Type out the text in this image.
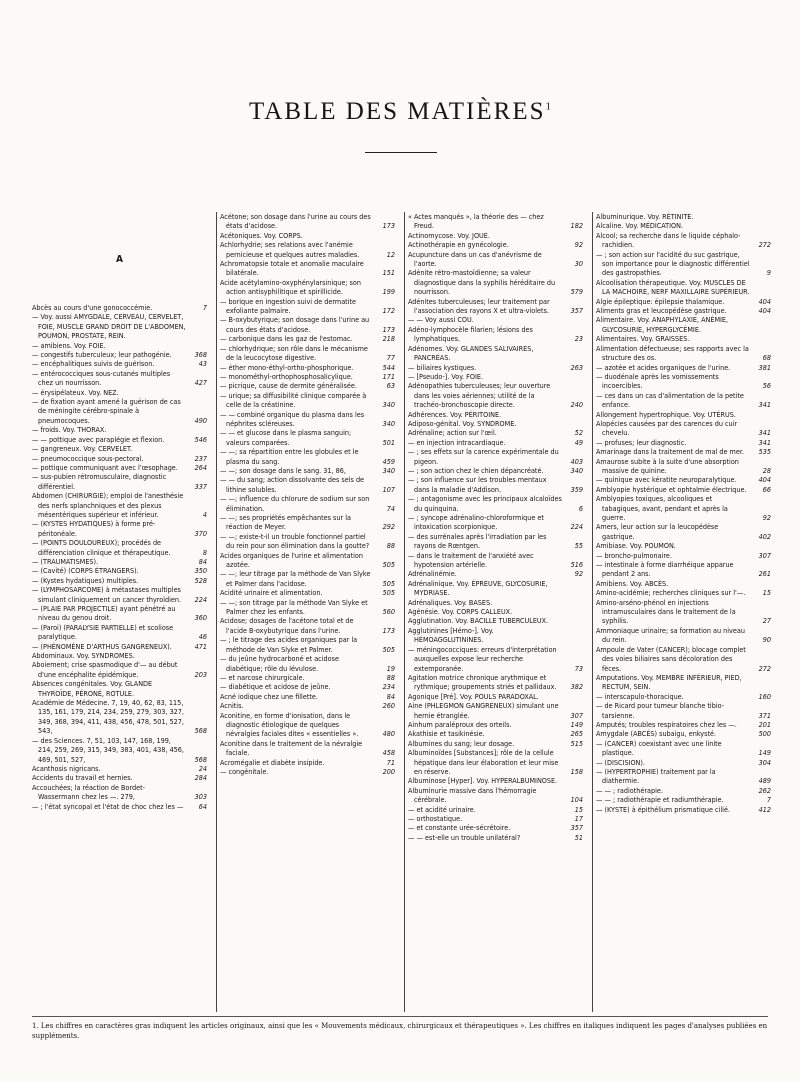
TABLE DES MATIÈRES$^1$
A
Abcès au cours d'une gonococcémie.	7
— Voy. aussi AMYGDALE, CERVEAU, CERVELET, FOIE, MUSCLE GRAND DROIT DE L'ABDOMEN, POUMON, PROSTATE, REIN.
— amibiens. Voy. FOIE.
— congestifs tuberculeux; leur pathogénie.	368
— encéphalitiques suivis de guérison.	43
— entérococciques sous-cutanés multiples chez un nourrisson.	427
— érysipélateux. Voy. NEZ.
— de fixation ayant amené la guérison de cas de méningite cérébro-spinale à pneumocoques.	490
— froids. Voy. THORAX.
— — pottique avec paraplégie et flexion.	546
— gangreneux. Voy. CERVELET.
— pneumococcique sous-pectoral.	237
— pottique communiquant avec l'œsophage.	264
— sus-pubien rétromusculaire, diagnostic différentiel.	337
Abdomen (CHIRURGIE); emploi de l'anesthésie des nerfs splanchniques et des plexus mésentériques supérieur et inférieur.	4
— (KYSTES HYDATIQUES) à forme pré-péritonéale.	370
— (POINTS DOULOUREUX); procédés de différenciation clinique et thérapeutique.	8
— (TRAUMATISMES).	84
— (Cavité) (CORPS ÉTRANGERS).	350
— (Kystes hydatiques) multiples.	528
— (LYMPHOSARCOME) à métastases multiples simulant cliniquement un cancer thyroïdien.	224
— (PLAIE PAR PROJECTILE) ayant pénétré au niveau du genou droit.	360
— (Paroi) (PARALYSIE PARTIELLE) et scoliose paralytique.	46
— (PHÉNOMÈNE D'ARTHUS GANGRENEUX).	471
Abdominaux. Voy. SYNDROMES.
Aboiement; crise spasmodique d'— au début d'une encéphalite épidémique.	203
Absences congénitales. Voy. GLANDE THYROÏDE, PÉRONÉ, ROTULE.
Académie de Médecine. 7, 19, 40, 62, 83, 115, 135, 161, 179, 214, 234, 259, 279, 303, 327, 349, 368, 394, 411, 438, 456, 478, 501, 527, 543,	568
— des Sciences. 7, 51, 103, 147, 168, 199, 214, 259, 269, 315, 349, 383, 401, 438, 456, 469, 501, 527,	568
Acanthosis nigricans.	24
Accidents du travail et hernies.	284
Accouchées; la réaction de Bordet-Wassermann chez les —. 279,	303
— ; l'état syncopal et l'état de choc chez les —	64
Acétone; son dosage dans l'urine au cours des états d'acidose.	173
Acétoniques. Voy. CORPS.
Achlorhydrie; ses relations avec l'anémie pernicieuse et quelques autres maladies.	12
Achromatopsie totale et anomalie maculaire bilatérale.	151
Acide acétylamino-oxyphénylarsinique; son action antisyphilitique et spirillicide.	199
— borique en ingestion suivi de dermatite exfoliante palmaire.	172
— B-oxybutyrique; son dosage dans l'urine au cours des états d'acidose.	173
— carbonique dans les gaz de l'estomac.	218
— chlorhydrique; son rôle dans le mécanisme de la leucocytose digestive.	77
— éther mono-éthyl-ortho-phosphorique.	544
— monométhyl-orthophosphosalicylique.	171
— picrique, cause de dermite généralisée.	63
— urique; sa diffusibilité clinique comparée à celle de la créatinine.	340
— — combiné organique du plasma dans les néphrites scléreuses.	340
— — et glucose dans le plasma sanguin; valeurs comparées.	501
— —; sa répartition entre les globules et le plasma du sang.	459
— —; son dosage dans le sang. 31, 86,	340
— — du sang; action dissolvante des sels de lithine solubles.	107
— —; influence du chlorure de sodium sur son élimination.	74
— —; ses propriétés empêchantes sur la réaction de Meyer.	292
— —; existe-t-il un trouble fonctionnel partiel du rein pour son élimination dans la goutte?	88
Acides organiques de l'urine et alimentation azotée.	505
— —; leur titrage par la méthode de Van Slyke et Palmer dans l'acidose.	505
Acidité urinaire et alimentation.	505
— —; son titrage par la méthode Van Slyke et Palmer chez les enfants.	560
Acidose; dosages de l'acétone total et de l'acide B-oxybutyrique dans l'urine.	173
— ; le titrage des acides organiques par la méthode de Van Slyke et Palmer.	505
— du jeûne hydrocarboné et acidose diabétique; rôle du lévulose.	19
— et narcose chirurgicale.	88
— diabétique et acidose de jeûne.	234
Acné iodique chez une fillette.	84
Acnitis.	260
Aconitine, en forme d'ionisation, dans le diagnostic étiologique de quelques névralgies faciales dites « essentielles ».	480
Aconitine dans le traitement de la névralgie faciale.	458
Acromégalie et diabète insipide.	71
— congénitale.	200
« Actes manqués », la théorie des — chez Freud.	182
Actinomycose. Voy. JOUE.
Actinothérapie en gynécologie.	92
Acupuncture dans un cas d'anévrisme de l'aorte.	30
Adénite rétro-mastoïdienne; sa valeur diagnostique dans la syphilis héréditaire du nourrisson.	579
Adénites tuberculeuses; leur traitement par l'association des rayons X et ultra-violets.	357
— — Voy aussi COU.
Adéno-lymphocèle filarien; lésions des lymphatiques.	23
Adénomes. Voy. GLANDES SALIVAIRES, PANCRÉAS.
— biliaires kystiques.	263
— [Pseudo-]. Voy. FOIE.
Adénopathies tuberculeuses; leur ouverture dans les voies aériennes; utilité de la trachéo-bronchoscopie directe.	240
Adhérences. Voy. PÉRITOINE.
Adiposo-génital. Voy. SYNDROME.
Adrénaline; action sur l'œil.	52
— en injection intracardiaque.	49
— ; ses effets sur la carence expérimentale du pigeon.	403
— ; son action chez le chien dépancréaté.	340
— ; son influence sur les troubles mentaux dans la maladie d'Addison.	359
— ; antagonisme avec les principaux alcaloïdes du quinquina.	6
— ; syncope adrénalino-chloroformique et intoxication scorpionique.	224
— des surrénales après l'irradiation par les rayons de Rœntgen.	55
— dans le traitement de l'anxiété avec hypotension artérielle.	516
Adrénalinémie.	92
Adrénalinique. Voy. ÉPREUVE, GLYCOSURIE, MYDRIASE.
Adrénaliques. Voy. BASES.
Agénésie. Voy. CORPS CALLEUX.
Agglutination. Voy. BACILLE TUBERCULEUX.
Agglutinines [Hémo-]. Voy. HÉMOAGGLUTININES.
— méningococciques: erreurs d'interprétation auxquelles expose leur recherche extemporanée.	73
Agitation motrice chronique arythmique et rythmique; groupements striés et pallidaux.	382
Agonique [Pré]. Voy. POULS PARADOXAL.
Aine (PHLEGMON GANGRENEUX) simulant une hernie étranglée.	307
Ainhum paraléproux des orteils.	149
Akathisie et tasikinésie.	265
Albumines du sang; leur dosage.	515
Albuminoïdes [Substances]; rôle de la cellule hépatique dans leur élaboration et leur mise en réserve.	158
Albuminose [Hyper]. Voy. HYPERALBUMINOSE.
Albuminurie massive dans l'hémorragie cérébrale.	104
— et acidité urinaire.	15
— orthostatique.	17
— et constante urée-sécrétoire.	357
— — est-elle un trouble unilatéral?	51
Albuminurique. Voy. RÉTINITE.
Alcaline. Voy. MÉDICATION.
Alcool; sa recherche dans le liquide céphalo-rachidien.	272
— ; son action sur l'acidité du suc gastrique, son importance pour le diagnostic différentiel des gastropathies.	9
Alcoolisation thérapeutique. Voy. MUSCLES DE LA MACHOIRE, NERF MAXILLAIRE SUPÉRIEUR.
Algie épileptique: épilepsie thalamique.	404
Aliments gras et leucopédèse gastrique.	404
Alimentaire. Voy. ANAPHYLAXIE, ANÉMIE, GLYCOSURIE, HYPERGLYCÉMIE.
Alimentaires. Voy. GRAISSES.
Alimentation défectueuse; ses rapports avec la structure des os.	68
— azotée et acides organiques de l'urine.	381
— duodénale après les vomissements incoercibles.	56
— ces dans un cas d'alimentation de la petite enfance.	341
Allongement hypertrophique. Voy. UTÉRUS.
Alopécies causées par des carences du cuir chevelu.	341
— profuses; leur diagnostic.	341
Amarinage dans la traitement de mal de mer.	535
Amaurose subite à la suite d'une absorption massive de quinine.	28
— quinique avec kératite neuroparalytique.	404
Amblyopie hystérique et ophtalmie électrique.	66
Amblyopies toxiques, alcooliques et tabagiques, avant, pendant et après la guerre.	92
Amers, leur action sur la leucopédèse gastrique.	402
Amibiase. Voy. POUMON.
— broncho-pulmonaire.	307
— intestinale à forme diarrhéique apparue pendant 2 ans.	261
Amibiens. Voy. ABCÈS.
Amino-acidémie; recherches cliniques sur l'—.	15
Amino-arséno-phénol en injections intramusculaires dans le traitement de la syphilis.	27
Ammoniaque urinaire; sa formation au niveau du rein.	90
Ampoule de Vater (CANCER); blocage complet des voies biliaires sans décoloration des fèces.	272
Amputations. Voy. MEMBRE INFÉRIEUR, PIED, RECTUM, SEIN.
— interscapulo-thoracique.	160
— de Ricard pour tumeur blanche tibio-tarsienne.	371
Amputés; troubles respiratoires chez les —.	201
Amygdale (ABCÈS) subaigu, enkysté.	500
— (CANCER) coexistant avec une linite plastique.	149
— (DISCISION).	304
— (HYPERTROPHIE) traitement par la diathermie.	489
— — ; radiothérapie.	262
— — ; radiothérapie et radiumthérapie.	7
— (KYSTE) à épithélium prismatique cilié.	412

1. Les chiffres en caractères gras indiquent les articles originaux, ainsi que les « Mouvements médicaux, chirurgicaux et thérapeutiques ». Les chiffres en italiques indiquent les pages d'analyses publiées en suppléments.
